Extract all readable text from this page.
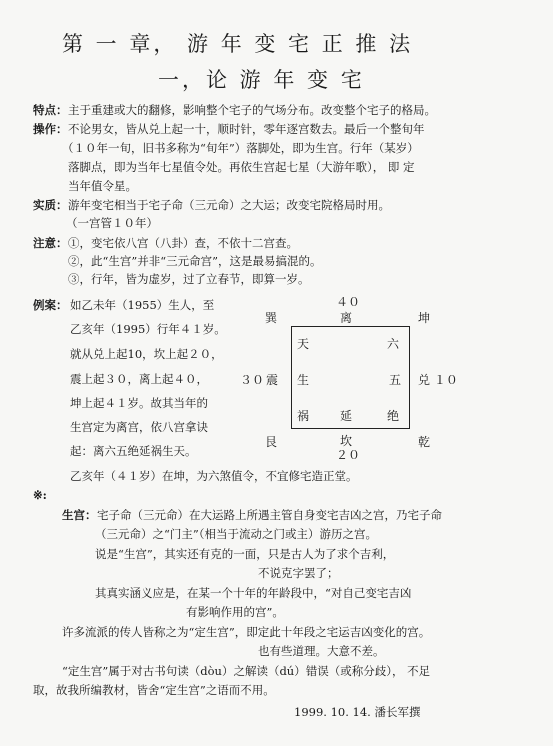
第 一 章， 游 年 变 宅 正 推 法
一，论 游 年 变 宅
特点： 主于重建或大的翻修，影响整个宅子的气场分布。改变整个宅子的格局。
操作： 不论男女，皆从兑上起一十，顺时针，零年逐宫数去。最后一个整旬年
（１０年一旬，旧书多称为“旬年”）落脚处，即为生宫。行年（某岁）
落脚点，即为当年七星值令处。再依生宫起七星（大游年歌）， 即 定
当年值令星。
实质： 游年变宅相当于宅子命（三元命）之大运；改变宅院格局时用。
（一宫管１０年）
注意： ①，变宅依八宫（八卦）查，不依十二宫查。
②，此“生宫”并非“三元命宫”，这是最易搞混的。
③，行年，皆为虚岁，过了立春节，即算一岁。
例案： 如乙未年（1955）生人，至
乙亥年（1995）行年４１岁。
就从兑上起10，坎上起２０，
震上起３０，离上起４０，
坤上起４１岁。故其当年的
生宫定为离宫，依八宫拿诀
起：离六五绝延祸生天。
乙亥年（４１岁）在坤，为六煞值令，不宜修宅造正堂。
４０
巽	离	坤
天	六
生	五
祸	延	绝
３０ 震	兑 １０
艮	坎	乾
２０
※:
生宫： 宅子命（三元命）在大运路上所遇主管自身变宅吉凶之宫，乃宅子命
（三元命）之“门主”（相当于流动之门或主）游历之宫。
说是“生宫”，其实还有克的一面，只是古人为了求个吉利，
不说克字罢了；
其真实涵义应是，在某一个十年的年龄段中，“对自己变宅吉凶
有影响作用的宫”。
许多流派的传人皆称之为“定生宫”，即定此十年段之宅运吉凶变化的宫。
也有些道理。大意不差。
“定生宫”属于对古书句读（dòu）之解读（dú）错误（或称分歧）， 不足
取，故我所编教材，皆舍“定生宫”之语而不用。
1999. 10. 14. 潘长军撰
